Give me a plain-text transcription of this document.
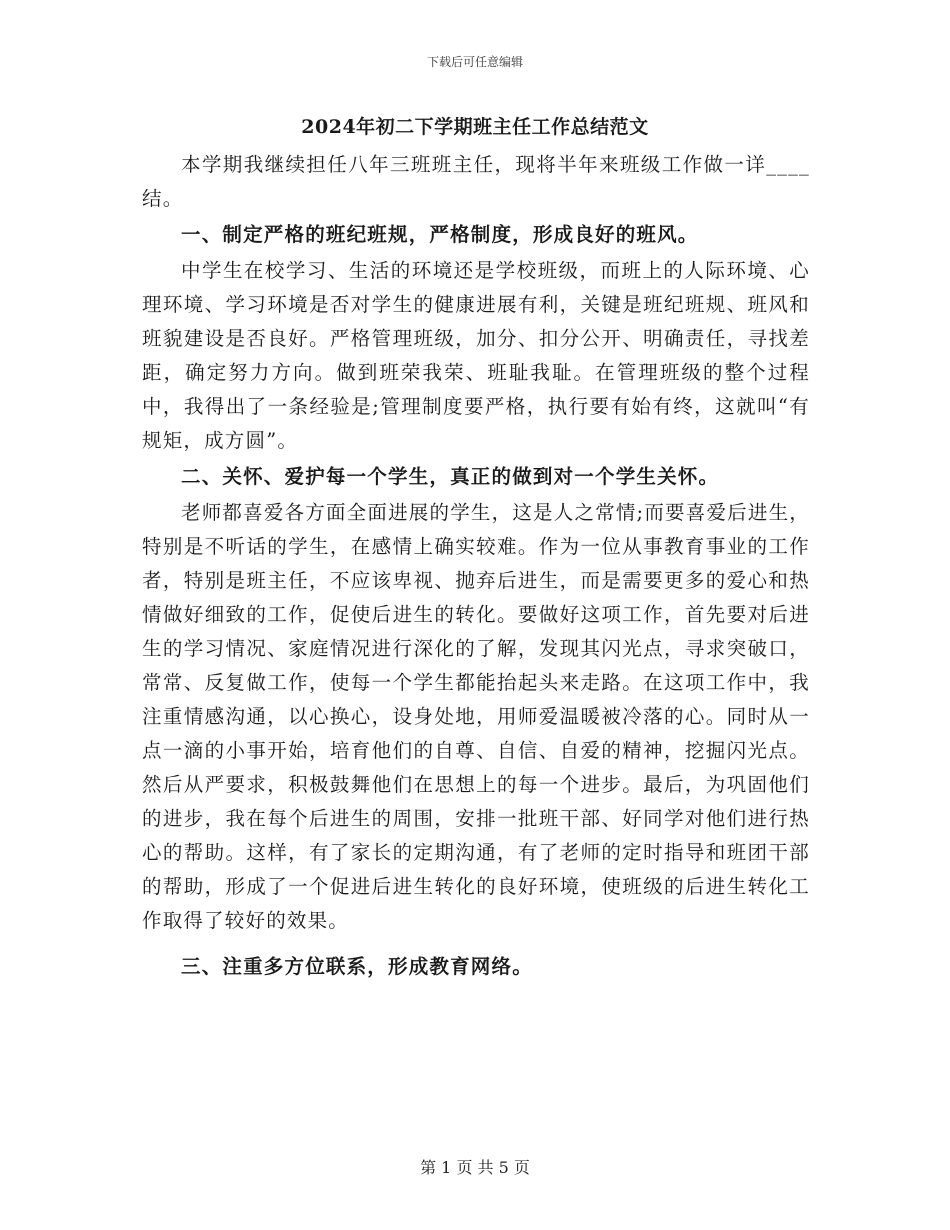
下载后可任意编辑
2024年初二下学期班主任工作总结范文

本学期我继续担任八年三班班主任，现将半年来班级工作做一详____结。

一、制定严格的班纪班规，严格制度，形成良好的班风。

中学生在校学习、生活的环境还是学校班级，而班上的人际环境、心理环境、学习环境是否对学生的健康进展有利，关键是班纪班规、班风和班貌建设是否良好。严格管理班级，加分、扣分公开、明确责任，寻找差距，确定努力方向。做到班荣我荣、班耻我耻。在管理班级的整个过程中，我得出了一条经验是;管理制度要严格，执行要有始有终，这就叫“有规矩，成方圆”。

二、关怀、爱护每一个学生，真正的做到对一个学生关怀。

老师都喜爱各方面全面进展的学生，这是人之常情;而要喜爱后进生，特别是不听话的学生，在感情上确实较难。作为一位从事教育事业的工作者，特别是班主任，不应该卑视、抛弃后进生，而是需要更多的爱心和热情做好细致的工作，促使后进生的转化。要做好这项工作，首先要对后进生的学习情况、家庭情况进行深化的了解，发现其闪光点，寻求突破口，常常、反复做工作，使每一个学生都能抬起头来走路。在这项工作中，我注重情感沟通，以心换心，设身处地，用师爱温暖被冷落的心。同时从一点一滴的小事开始，培育他们的自尊、自信、自爱的精神，挖掘闪光点。然后从严要求，积极鼓舞他们在思想上的每一个进步。最后，为巩固他们的进步，我在每个后进生的周围，安排一批班干部、好同学对他们进行热心的帮助。这样，有了家长的定期沟通，有了老师的定时指导和班团干部的帮助，形成了一个促进后进生转化的良好环境，使班级的后进生转化工作取得了较好的效果。

三、注重多方位联系，形成教育网络。

第 1 页 共 5 页
